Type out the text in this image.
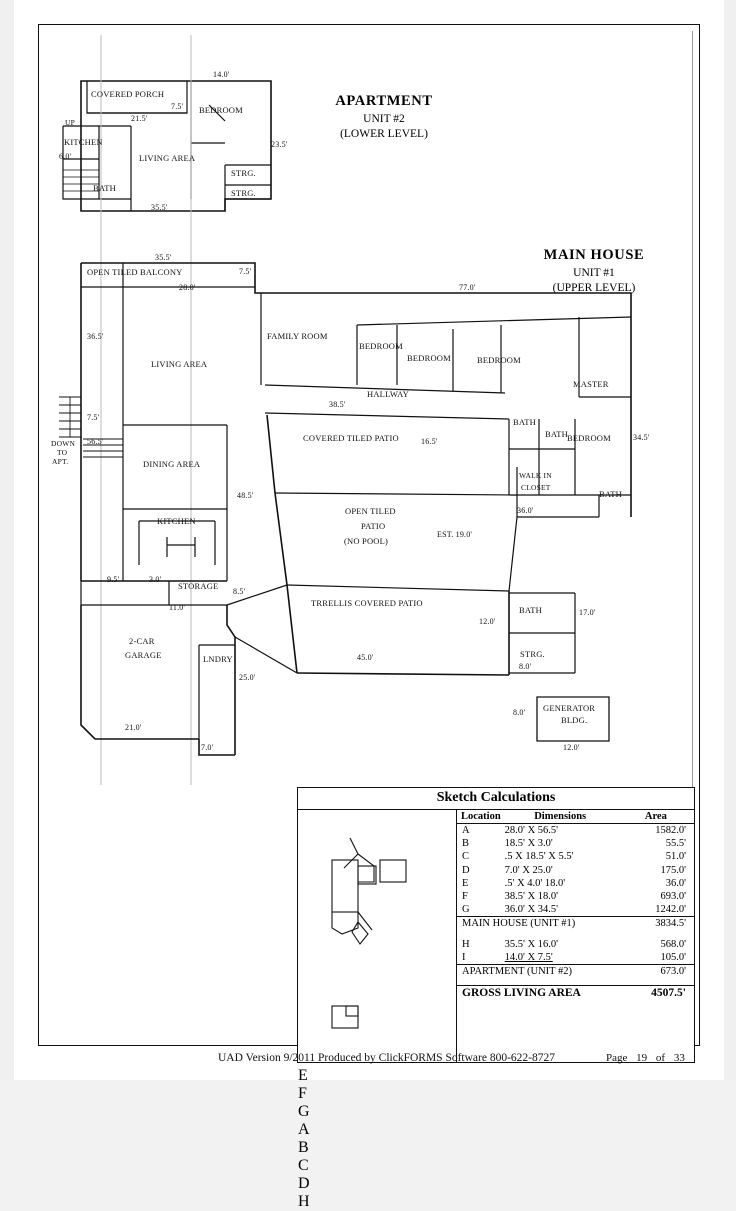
APARTMENT
UNIT #2
(LOWER LEVEL)
COVERED PORCH
BEDROOM
KITCHEN
LIVING AREA
BATH
STRG.
STRG.
UP
14.0'
7.5'
21.5'
23.5'
6.0'
35.5'
MAIN HOUSE
UNIT #1
(UPPER LEVEL)
OPEN TILED BALCONY
LIVING AREA
FAMILY ROOM
BEDROOM
BEDROOM	BEDROOM
MASTER
BEDROOM
HALLWAY
BATH
BATH
BATH
COVERED TILED PATIO
DINING AREA
OPEN TILED
PATIO
(NO POOL)
KITCHEN
WALK IN
CLOSET
STORAGE
TRRELLIS COVERED PATIO
BATH
STRG.
2-CAR
GARAGE	LNDRY
GENERATOR
BLDG.
DOWN
TO
APT.
35.5'
7.5'
28.0'	77.0'
36.5'
38.5'
7.5'
56.5'	16.5'	34.5'
48.5'
36.0'
EST. 19.0'
9.5'	3.0'
8.5'
11.0'
12.0'
17.0'
8.0'
45.0'
25.0'
21.0'
7.0'
8.0'
12.0'
Sketch Calculations
E
F
G
A
B
C
D
H
Location	Dimensions	Area
A	28.0' X 56.5'	1582.0'
B	18.5' X 3.0'	55.5'
C	.5 X 18.5' X 5.5'	51.0'
D	7.0' X 25.0'	175.0'
E	.5' X 4.0' 18.0'	36.0'
F	38.5' X 18.0'	693.0'
G	36.0' X 34.5'	1242.0'
MAIN HOUSE (UNIT #1)		3834.5'

H	35.5' X 16.0'	568.0'
I	14.0' X 7.5'	105.0'
APARTMENT (UNIT #2)		673.0'

GROSS LIVING AREA		4507.5'
UAD Version 9/2011 Produced by ClickFORMS Software 800-622-8727	Page 19 of 33
